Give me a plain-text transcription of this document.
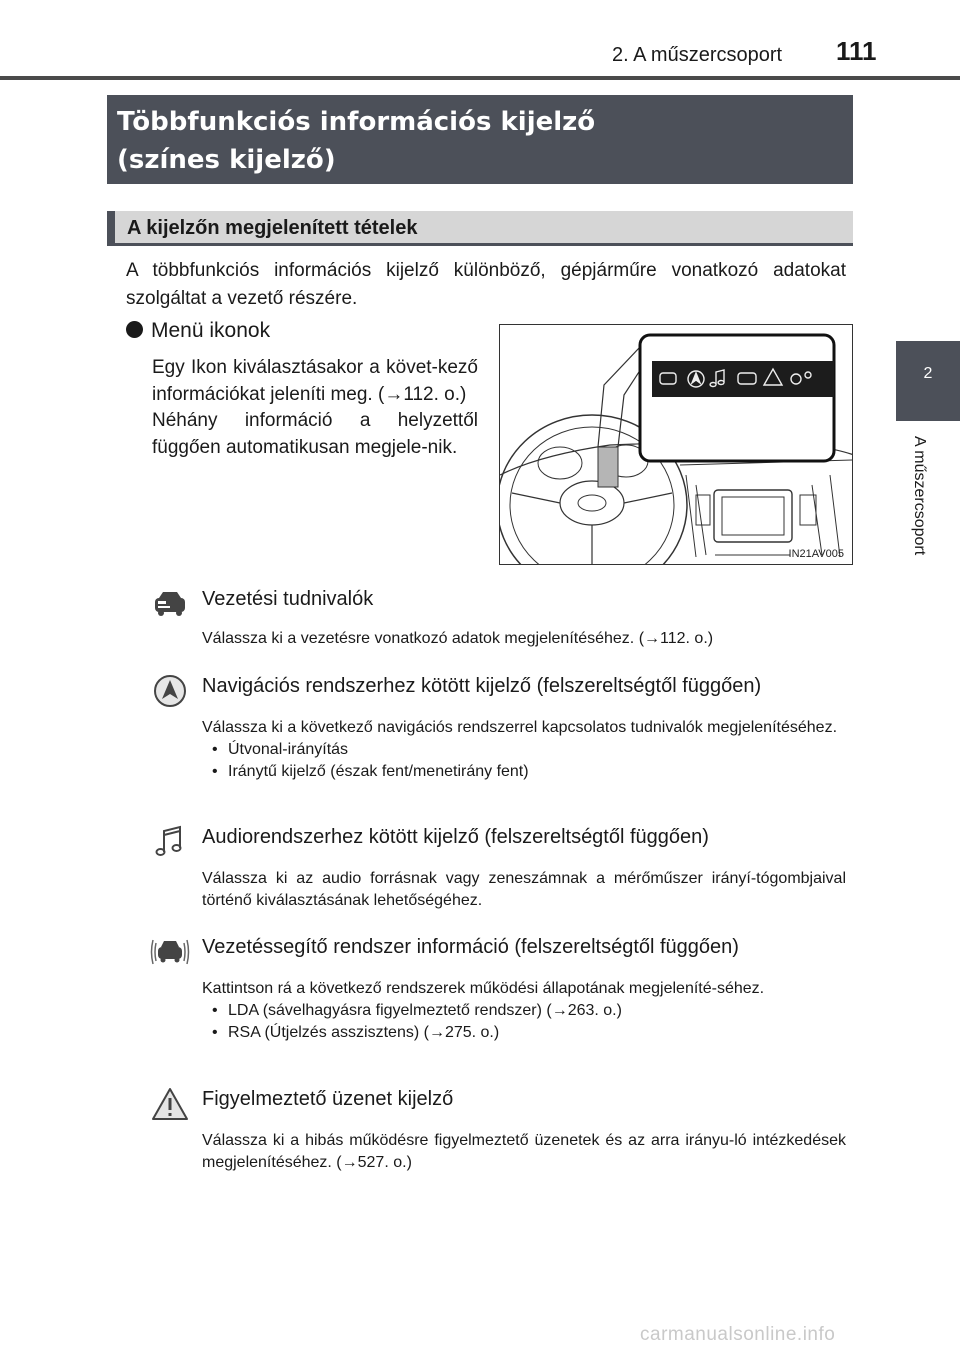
2. A műszercsoport 111
2
A műszercsoport
Többfunkciós információs kijelző
(színes kijelző)
A kijelzőn megjelenített tételek
A többfunkciós információs kijelző különböző, gépjárműre vonatkozó adatokat szolgáltat a vezető részére.
Menü ikonok
Egy Ikon kiválasztásakor a követ-kező információkat jeleníti meg. (→112. o.)
Néhány információ a helyzettől függően automatikusan megjele-nik.
IN21AV005
Vezetési tudnivalók
Válassza ki a vezetésre vonatkozó adatok megjelenítéséhez. (→112. o.)
Navigációs rendszerhez kötött kijelző (felszereltségtől függően)
Válassza ki a következő navigációs rendszerrel kapcsolatos tudnivalók megjelenítéséhez.
• Útvonal-irányítás
• Iránytű kijelző (észak fent/menetirány fent)
Audiorendszerhez kötött kijelző (felszereltségtől függően)
Válassza ki az audio forrásnak vagy zeneszámnak a mérőműszer irányí-tógombjaival történő kiválasztásának lehetőségéhez.
Vezetéssegítő rendszer információ (felszereltségtől függően)
Kattintson rá a következő rendszerek működési állapotának megjeleníté-séhez.
• LDA (sávelhagyásra figyelmeztető rendszer) (→263. o.)
• RSA (Útjelzés asszisztens) (→275. o.)
Figyelmeztető üzenet kijelző
Válassza ki a hibás működésre figyelmeztető üzenetek és az arra irányu-ló intézkedések megjelenítéséhez. (→527. o.)
carmanualsonline.info
